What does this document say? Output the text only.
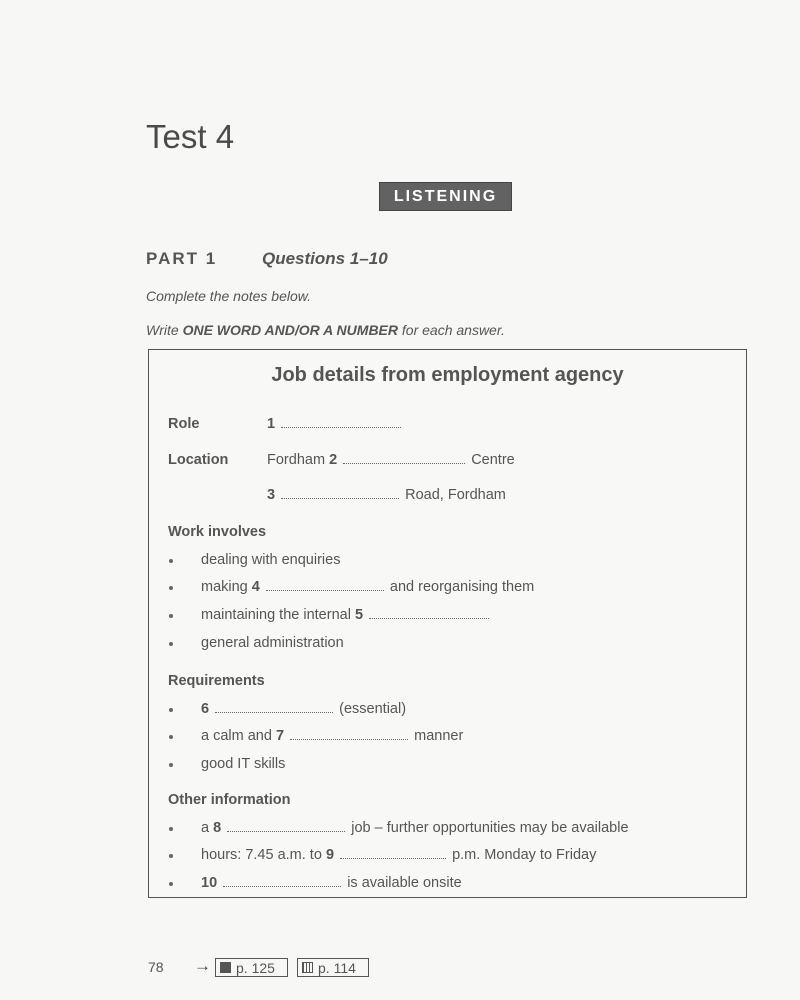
Test 4
LISTENING
PART 1	Questions 1–10
Complete the notes below.
Write ONE WORD AND/OR A NUMBER for each answer.
Job details from employment agency
Role	1
Location	Fordham 2	Centre
3	Road, Fordham
Work involves
dealing with enquiries
making 4	and reorganising them
maintaining the internal 5
general administration
Requirements
6	(essential)
a calm and 7	manner
good IT skills
Other information
a 8	job – further opportunities may be available
hours: 7.45 a.m. to 9	p.m. Monday to Friday
10	is available onsite
78 → p. 125	p. 114
